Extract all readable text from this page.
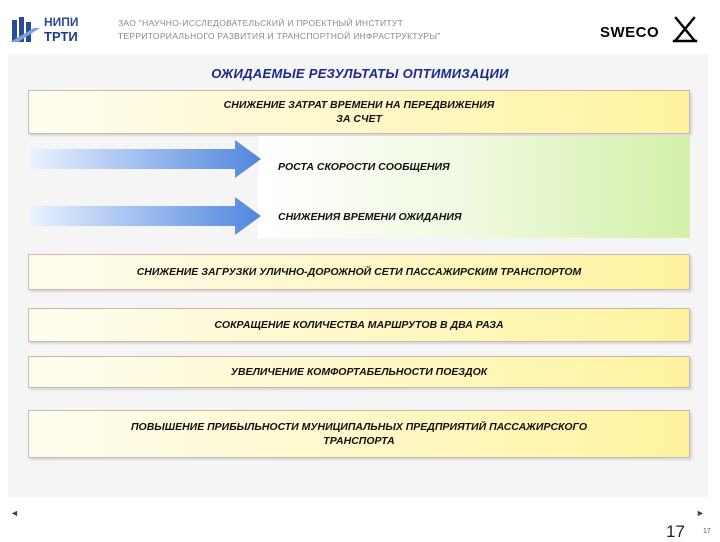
НИПИ
ТРТИ
ЗАО "НАУЧНО-ИССЛЕДОВАТЕЛЬСКИЙ И ПРОЕКТНЫЙ ИНСТИТУТ
ТЕРРИТОРИАЛЬНОГО РАЗВИТИЯ И ТРАНСПОРТНОЙ ИНФРАСТРУКТУРЫ"	SWECO
ОЖИДАЕМЫЕ РЕЗУЛЬТАТЫ ОПТИМИЗАЦИИ
СНИЖЕНИЕ ЗАТРАТ ВРЕМЕНИ НА ПЕРЕДВИЖЕНИЯ
ЗА СЧЕТ
РОСТА СКОРОСТИ СООБЩЕНИЯ
СНИЖЕНИЯ ВРЕМЕНИ ОЖИДАНИЯ
СНИЖЕНИЕ ЗАГРУЗКИ УЛИЧНО-ДОРОЖНОЙ СЕТИ ПАССАЖИРСКИМ ТРАНСПОРТОМ
СОКРАЩЕНИЕ КОЛИЧЕСТВА МАРШРУТОВ В ДВА РАЗА
УВЕЛИЧЕНИЕ КОМФОРТАБЕЛЬНОСТИ ПОЕЗДОК
ПОВЫШЕНИЕ ПРИБЫЛЬНОСТИ МУНИЦИПАЛЬНЫХ ПРЕДПРИЯТИЙ ПАССАЖИРСКОГО
ТРАНСПОРТА
◄	►
17	17
